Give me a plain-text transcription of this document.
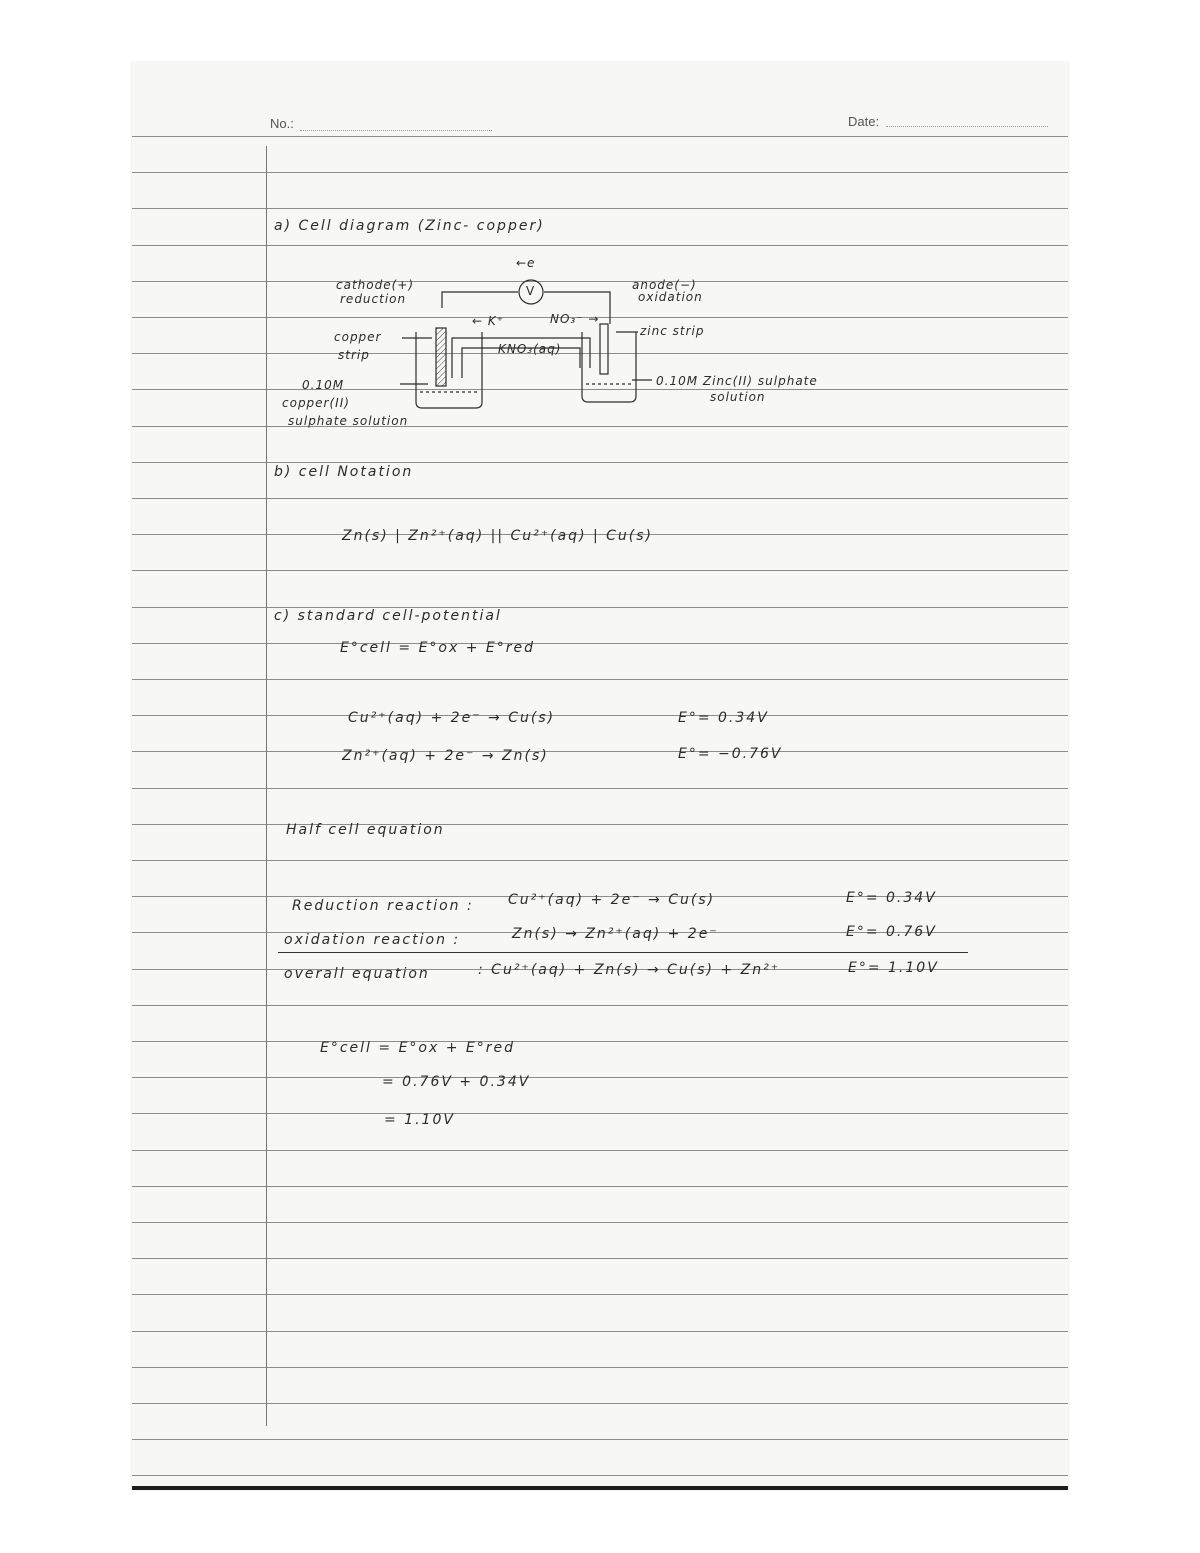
No.:	Date:
a) Cell diagram (Zinc- copper)
←e
V
cathode(+)
reduction
anode(−)
oxidation
← K⁺	NO₃⁻ →
KNO₃(aq)
copper
strip
zinc strip
0.10M
copper(II)
sulphate solution
0.10M Zinc(II) sulphate
solution
b) cell Notation
Zn(s) | Zn²⁺(aq) || Cu²⁺(aq) | Cu(s)
c) standard cell-potential
E°cell = E°ox + E°red
Cu²⁺(aq) + 2e⁻ → Cu(s)	E°= 0.34V
Zn²⁺(aq) + 2e⁻ → Zn(s)	E°= −0.76V
Half cell equation
Reduction reaction : Cu²⁺(aq) + 2e⁻ → Cu(s)	E°= 0.34V
oxidation reaction :	Zn(s) → Zn²⁺(aq) + 2e⁻	E°= 0.76V
overall equation	: Cu²⁺(aq) + Zn(s) → Cu(s) + Zn²⁺	E°= 1.10V
E°cell = E°ox + E°red
= 0.76V + 0.34V
= 1.10V
